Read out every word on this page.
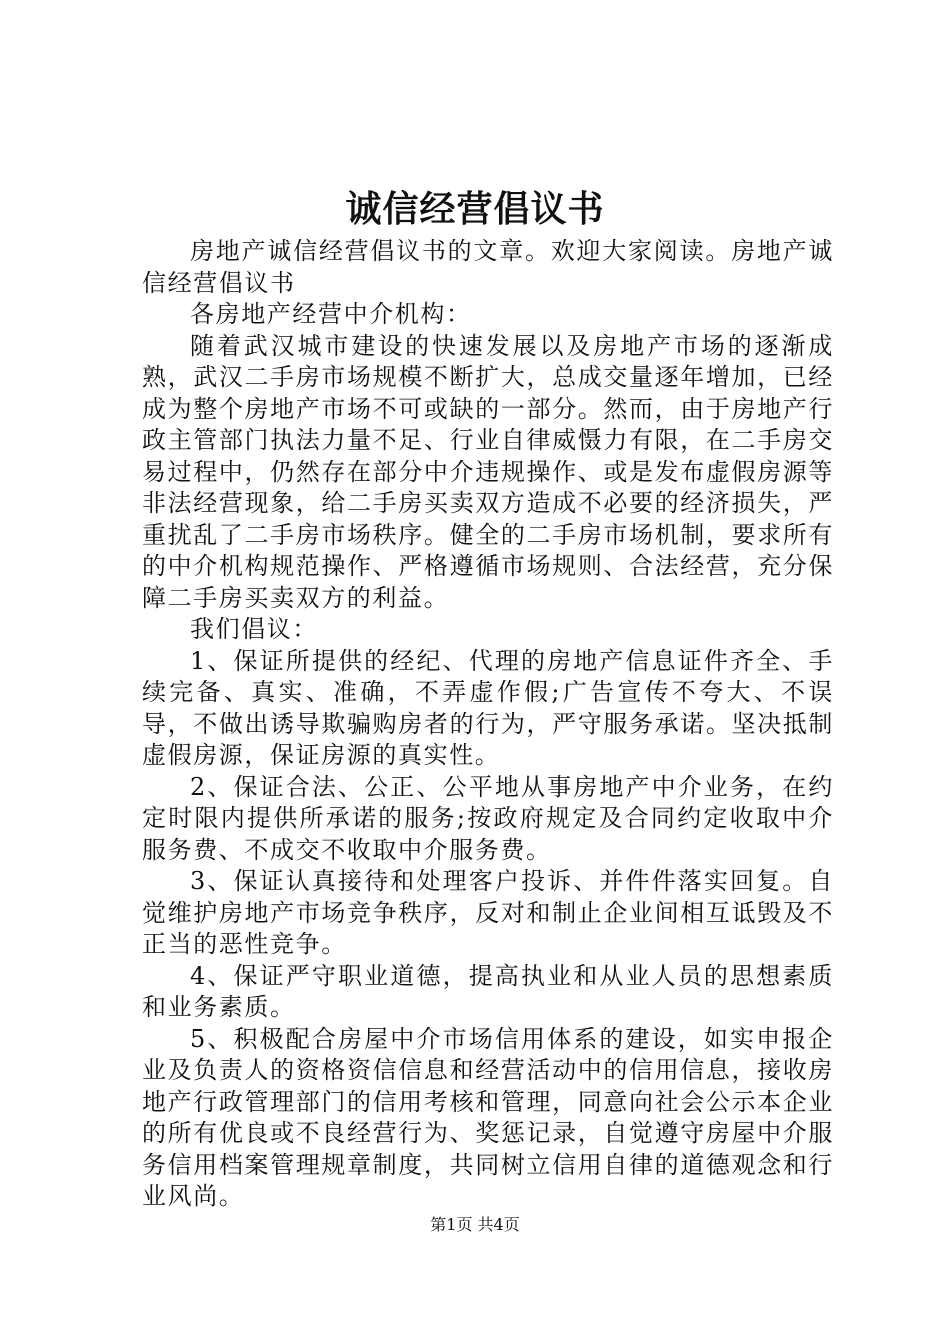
诚信经营倡议书

房地产诚信经营倡议书的文章。欢迎大家阅读。房地产诚信经营倡议书

各房地产经营中介机构：

随着武汉城市建设的快速发展以及房地产市场的逐渐成熟，武汉二手房市场规模不断扩大，总成交量逐年增加，已经成为整个房地产市场不可或缺的一部分。然而，由于房地产行政主管部门执法力量不足、行业自律威慑力有限，在二手房交易过程中，仍然存在部分中介违规操作、或是发布虚假房源等非法经营现象，给二手房买卖双方造成不必要的经济损失，严重扰乱了二手房市场秩序。健全的二手房市场机制，要求所有的中介机构规范操作、严格遵循市场规则、合法经营，充分保障二手房买卖双方的利益。

我们倡议：

1、保证所提供的经纪、代理的房地产信息证件齐全、手续完备、真实、准确，不弄虚作假;广告宣传不夸大、不误导，不做出诱导欺骗购房者的行为，严守服务承诺。坚决抵制虚假房源，保证房源的真实性。

2、保证合法、公正、公平地从事房地产中介业务，在约定时限内提供所承诺的服务;按政府规定及合同约定收取中介服务费、不成交不收取中介服务费。

3、保证认真接待和处理客户投诉、并件件落实回复。自觉维护房地产市场竞争秩序，反对和制止企业间相互诋毁及不正当的恶性竞争。

4、保证严守职业道德，提高执业和从业人员的思想素质和业务素质。

5、积极配合房屋中介市场信用体系的建设，如实申报企业及负责人的资格资信信息和经营活动中的信用信息，接收房地产行政管理部门的信用考核和管理，同意向社会公示本企业的所有优良或不良经营行为、奖惩记录，自觉遵守房屋中介服务信用档案管理规章制度，共同树立信用自律的道德观念和行业风尚。

第1页 共4页
